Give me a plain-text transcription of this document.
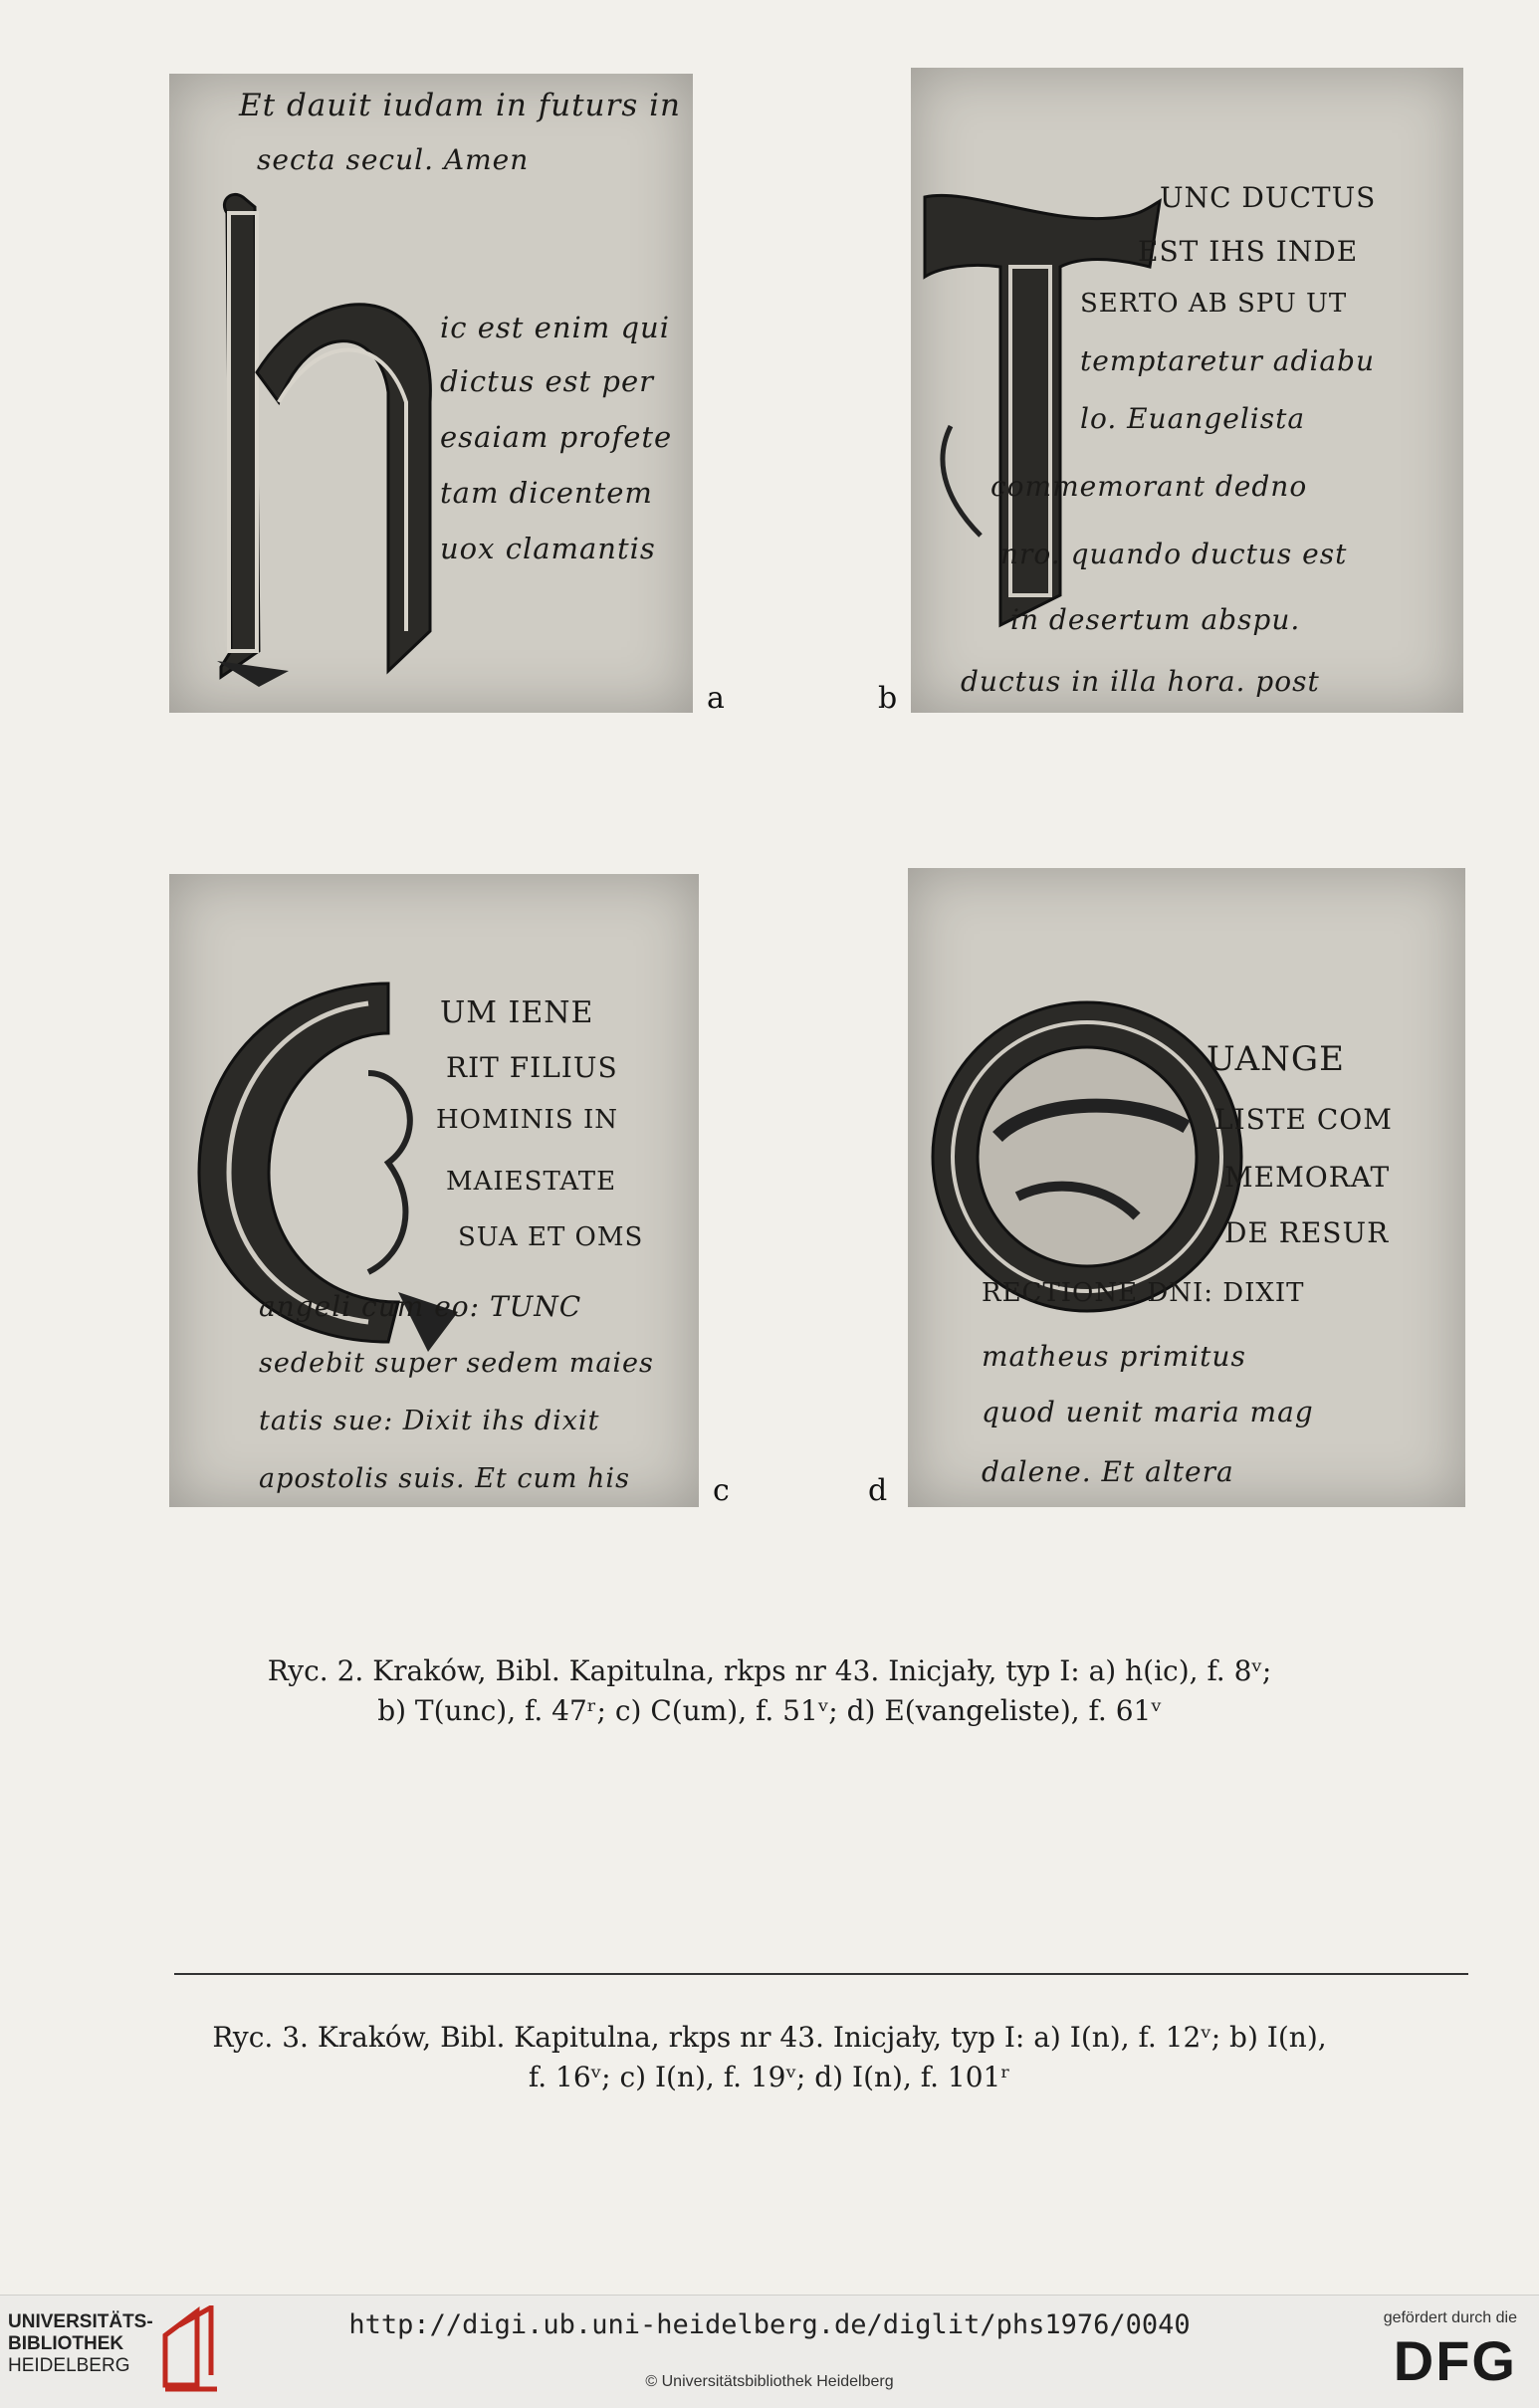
Et dauit iudam in futurs in
secta secul. Amen
ic est enim qui
dictus est per
esaiam profete
tam dicentem
uox clamantis
a
UNC DUCTUS
EST IHS INDE
SERTO AB SPU UT
temptaretur adiabu
lo. Euangelista
commemorant dedno
nro. quando ductus est
in desertum abspu.
ductus in illa hora. post
b
UM IENE
RIT FILIUS
HOMINIS IN
MAIESTATE
SUA ET OMS
angeli cum eo: TUNC
sedebit super sedem maies
tatis sue: Dixit ihs dixit
apostolis suis. Et cum his	c
UANGE
LISTE COM
MEMORAT
DE RESUR
RECTIONE DNI: DIXIT
matheus primitus
quod uenit maria mag
dalene. Et altera
d
Ryc. 2. Kraków, Bibl. Kapitulna, rkps nr 43. Inicjały, typ I: a) h(ic), f. 8ᵛ;
b) T(unc), f. 47ʳ; c) C(um), f. 51ᵛ; d) E(vangeliste), f. 61ᵛ
Ryc. 3. Kraków, Bibl. Kapitulna, rkps nr 43. Inicjały, typ I: a) I(n), f. 12ᵛ; b) I(n),
f. 16ᵛ; c) I(n), f. 19ᵛ; d) I(n), f. 101ʳ
UNIVERSITÄTS-
BIBLIOTHEK
HEIDELBERG
http://digi.ub.uni-heidelberg.de/diglit/phs1976/0040
© Universitätsbibliothek Heidelberg
gefördert durch die
DFG
